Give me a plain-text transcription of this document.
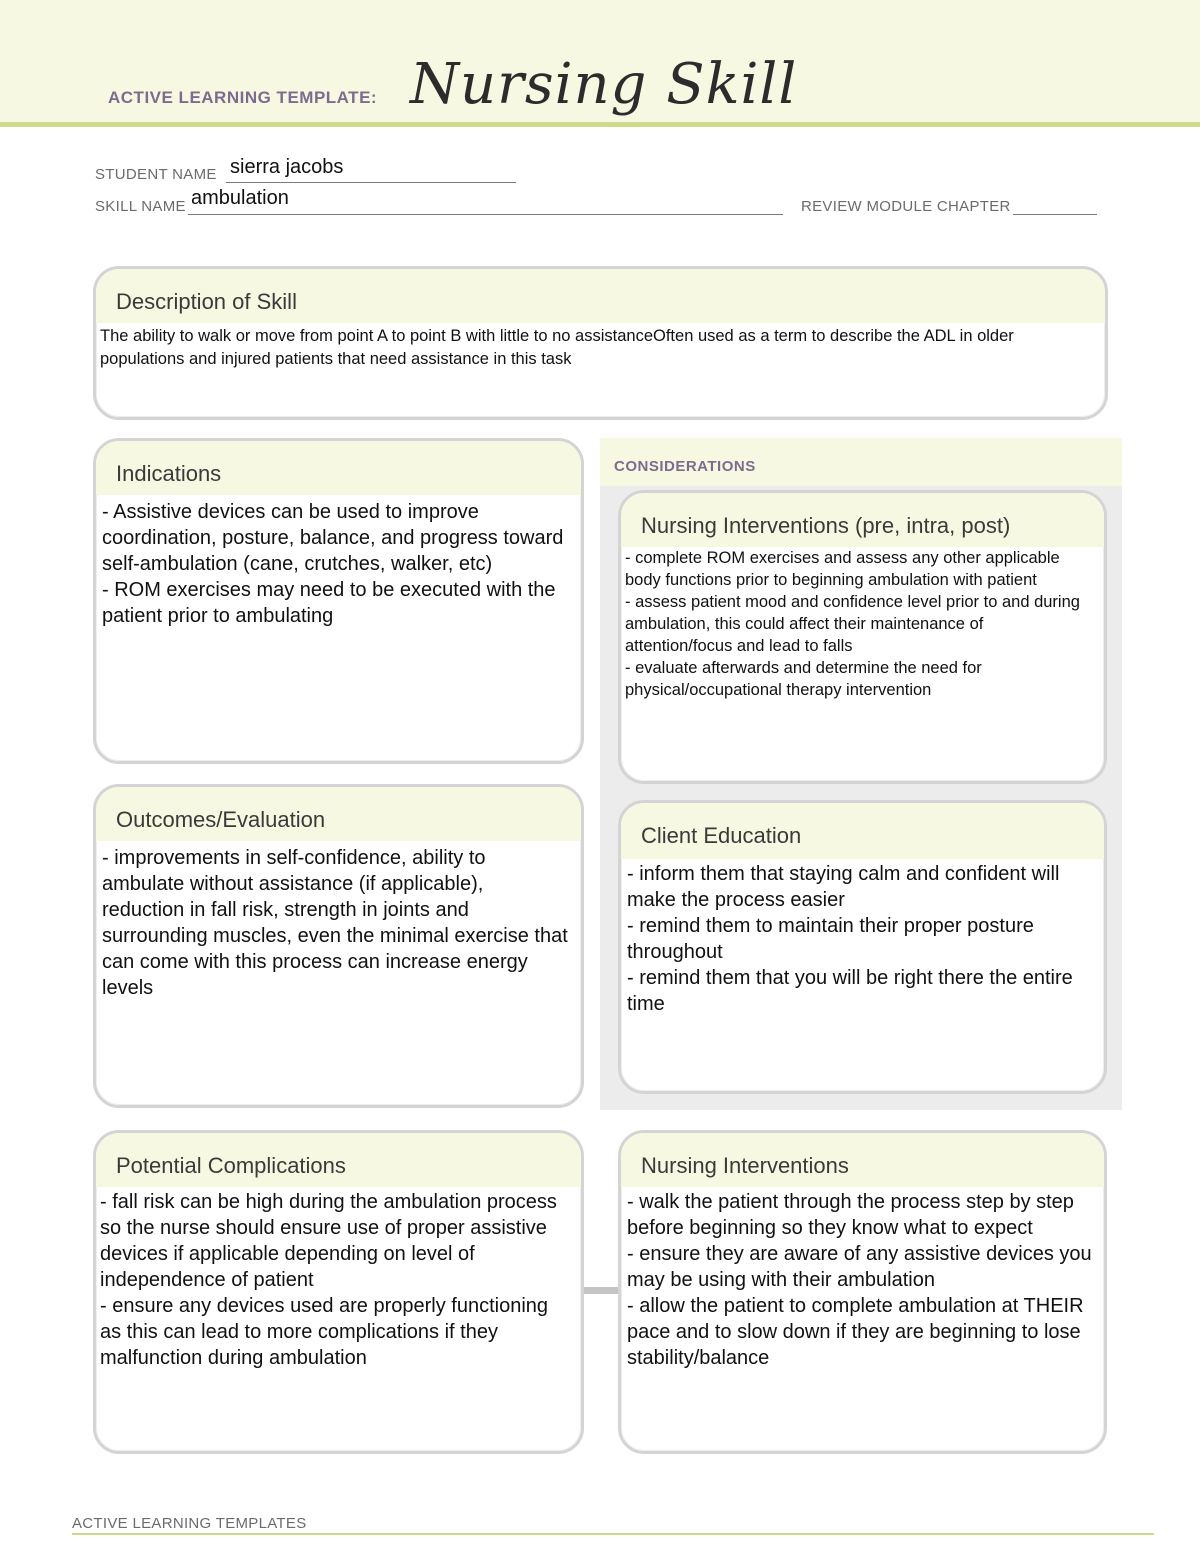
ACTIVE LEARNING TEMPLATE: Nursing Skill
STUDENT NAME sierra jacobs
SKILL NAME ambulation	REVIEW MODULE CHAPTER
Description of Skill
The ability to walk or move from point A to point B with little to no assistanceOften used as a term to describe the ADL in older populations and injured patients that need assistance in this task
Indications
- Assistive devices can be used to improve coordination, posture, balance, and progress toward self-ambulation (cane, crutches, walker, etc)
- ROM exercises may need to be executed with the patient prior to ambulating
CONSIDERATIONS
Nursing Interventions (pre, intra, post)
- complete ROM exercises and assess any other applicable body functions prior to beginning ambulation with patient
- assess patient mood and confidence level prior to and during ambulation, this could affect their maintenance of attention/focus and lead to falls
- evaluate afterwards and determine the need for physical/occupational therapy intervention
Outcomes/Evaluation
- improvements in self-confidence, ability to ambulate without assistance (if applicable), reduction in fall risk, strength in joints and surrounding muscles, even the minimal exercise that can come with this process can increase energy levels
Client Education
- inform them that staying calm and confident will make the process easier
- remind them to maintain their proper posture throughout
- remind them that you will be right there the entire time
Potential Complications
- fall risk can be high during the ambulation process so the nurse should ensure use of proper assistive devices if applicable depending on level of independence of patient
- ensure any devices used are properly functioning as this can lead to more complications if they malfunction during ambulation
Nursing Interventions
- walk the patient through the process step by step before beginning so they know what to expect
- ensure they are aware of any assistive devices you may be using with their ambulation
- allow the patient to complete ambulation at THEIR pace and to slow down if they are beginning to lose stability/balance
ACTIVE LEARNING TEMPLATES
